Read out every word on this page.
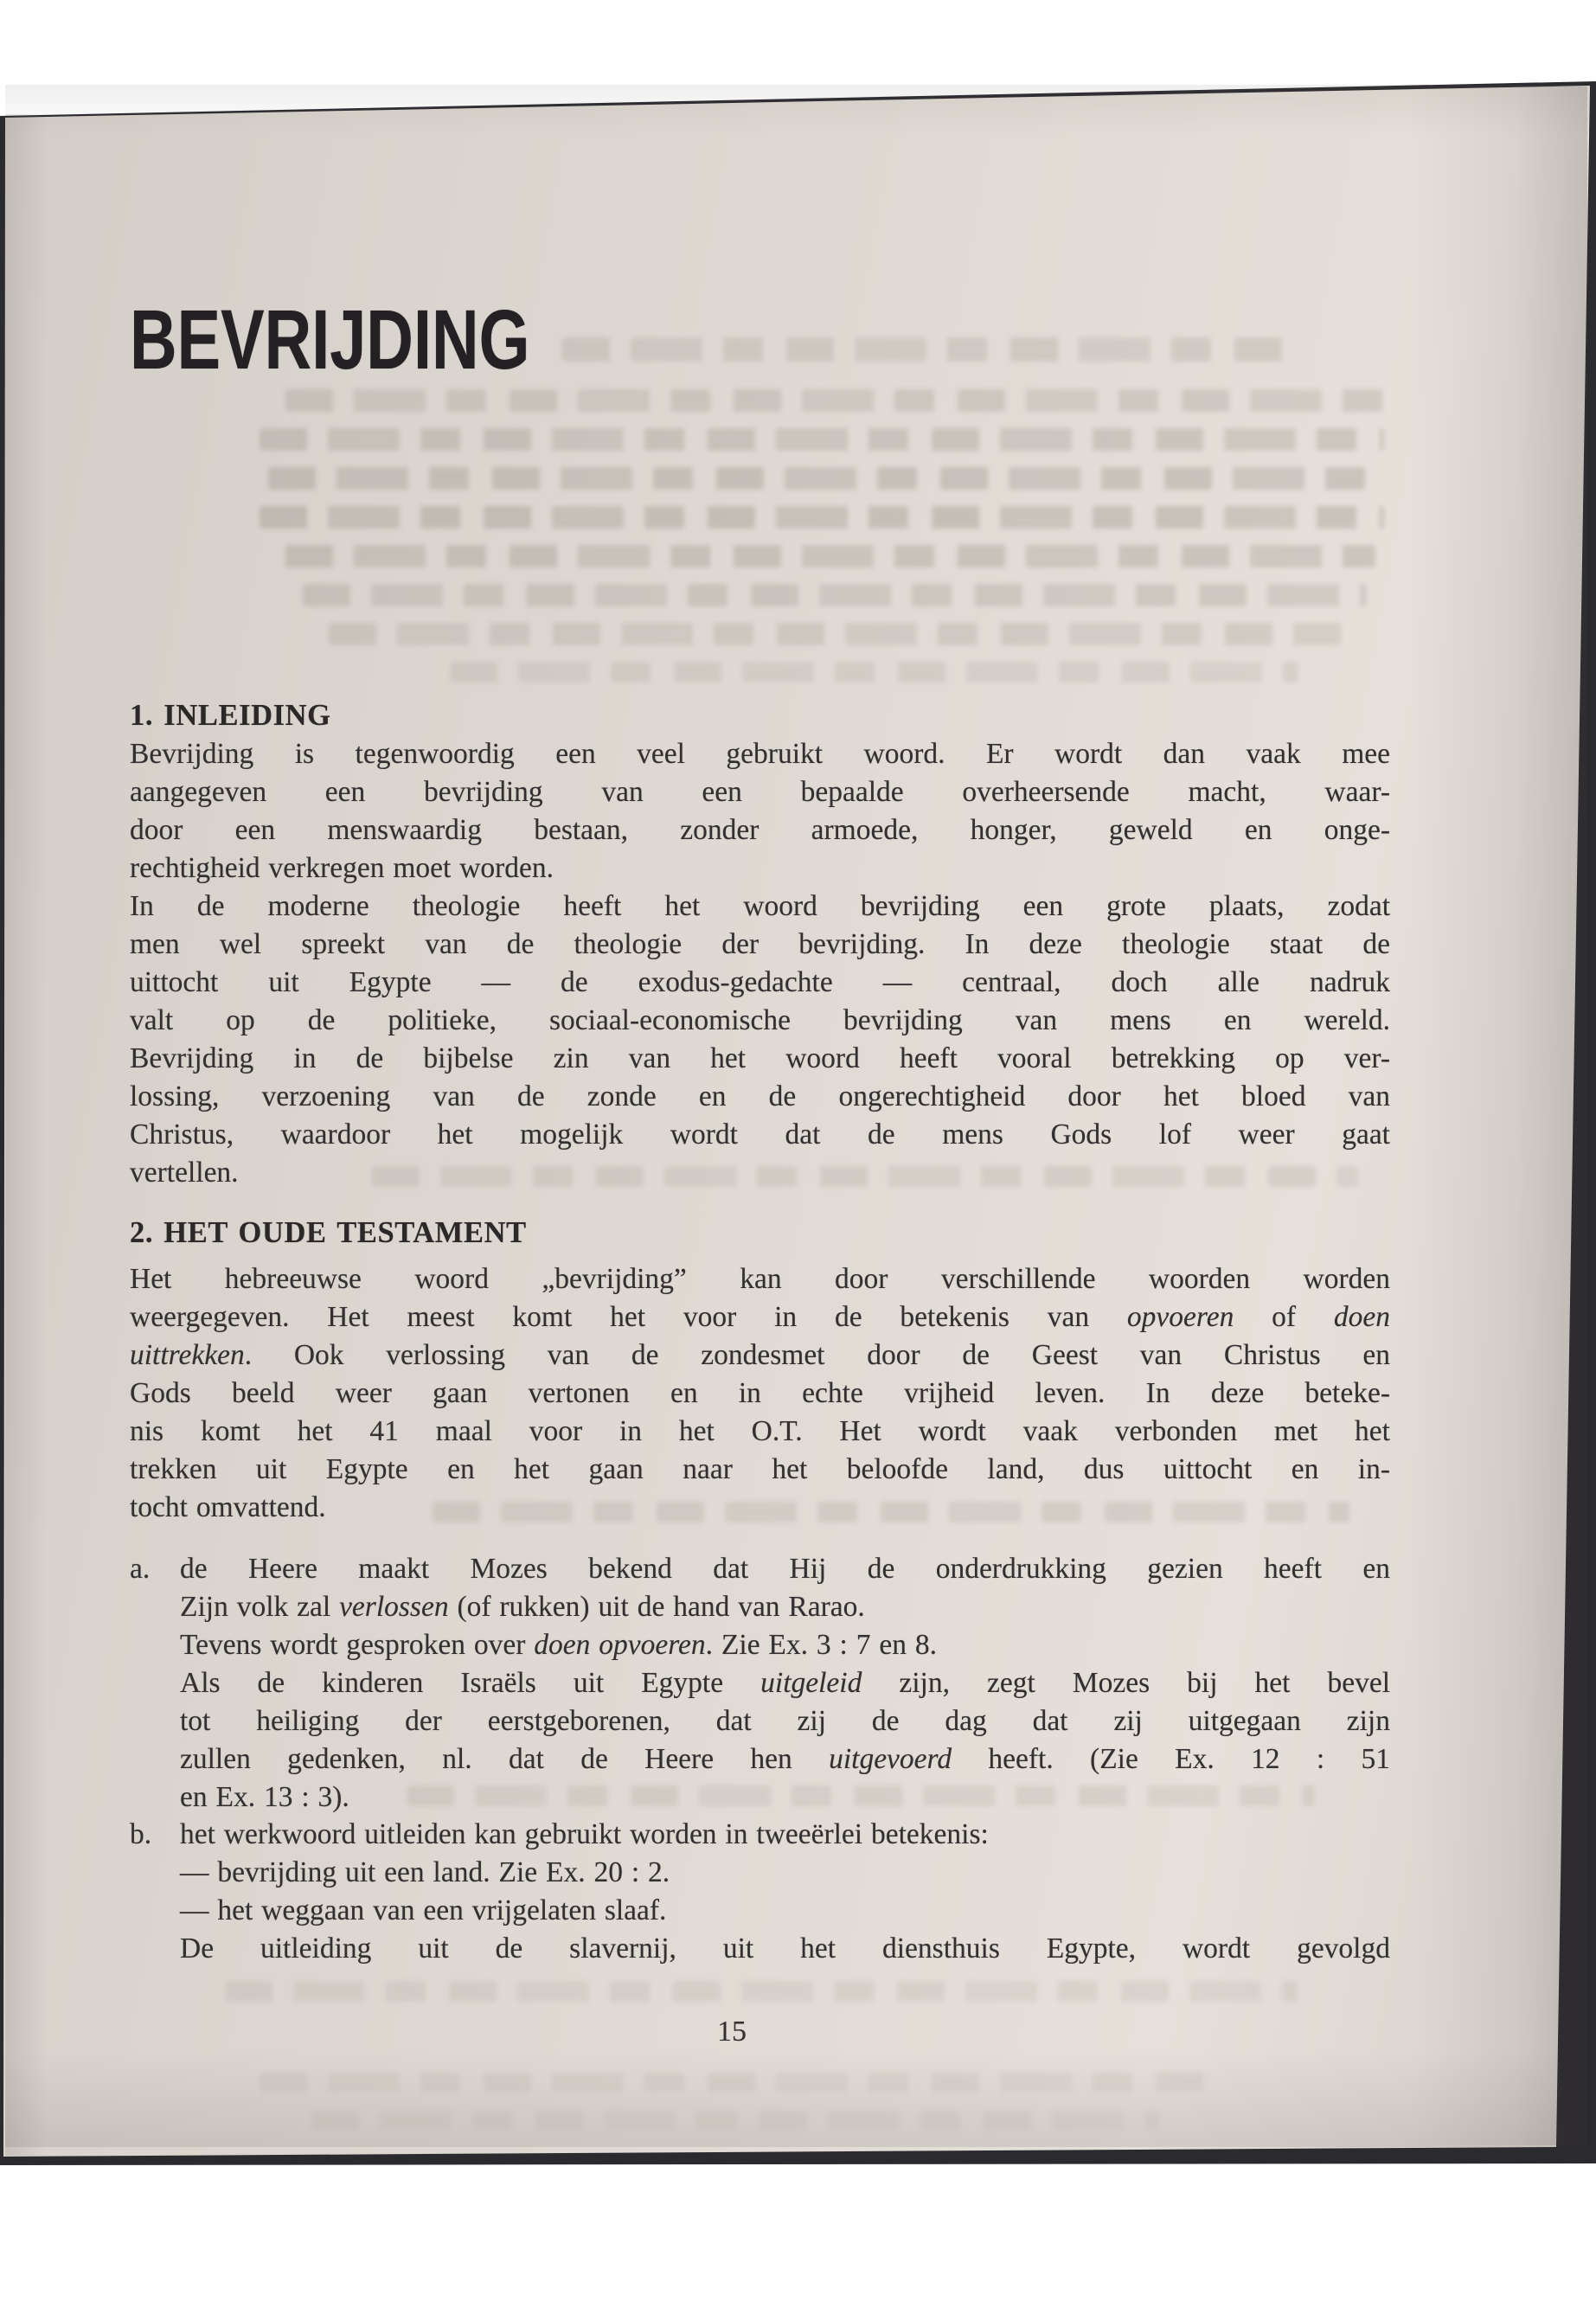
BEVRIJDING
1. INLEIDING
Bevrijding is tegenwoordig een veel gebruikt woord. Er wordt dan vaak mee
aangegeven een bevrijding van een bepaalde overheersende macht, waar-
door een menswaardig bestaan, zonder armoede, honger, geweld en onge-
rechtigheid verkregen moet worden.
In de moderne theologie heeft het woord bevrijding een grote plaats, zodat
men wel spreekt van de theologie der bevrijding. In deze theologie staat de
uittocht uit Egypte — de exodus-gedachte — centraal, doch alle nadruk
valt op de politieke, sociaal-economische bevrijding van mens en wereld.
Bevrijding in de bijbelse zin van het woord heeft vooral betrekking op ver-
lossing, verzoening van de zonde en de ongerechtigheid door het bloed van
Christus, waardoor het mogelijk wordt dat de mens Gods lof weer gaat
vertellen.
2. HET OUDE TESTAMENT
Het hebreeuwse woord „bevrijding” kan door verschillende woorden worden
weergegeven. Het meest komt het voor in de betekenis van opvoeren of doen
uittrekken. Ook verlossing van de zondesmet door de Geest van Christus en
Gods beeld weer gaan vertonen en in echte vrijheid leven. In deze beteke-
nis komt het 41 maal voor in het O.T. Het wordt vaak verbonden met het
trekken uit Egypte en het gaan naar het beloofde land, dus uittocht en in-
tocht omvattend.
a.	de Heere maakt Mozes bekend dat Hij de onderdrukking gezien heeft en
Zijn volk zal verlossen (of rukken) uit de hand van Rarao.
Tevens wordt gesproken over doen opvoeren. Zie Ex. 3 : 7 en 8.
Als de kinderen Israëls uit Egypte uitgeleid zijn, zegt Mozes bij het bevel
tot heiliging der eerstgeborenen, dat zij de dag dat zij uitgegaan zijn
zullen gedenken, nl. dat de Heere hen uitgevoerd heeft. (Zie Ex. 12 : 51
en Ex. 13 : 3).
b. het werkwoord uitleiden kan gebruikt worden in tweeërlei betekenis:
— bevrijding uit een land. Zie Ex. 20 : 2.
— het weggaan van een vrijgelaten slaaf.
De uitleiding uit de slavernij, uit het diensthuis Egypte, wordt gevolgd
15
